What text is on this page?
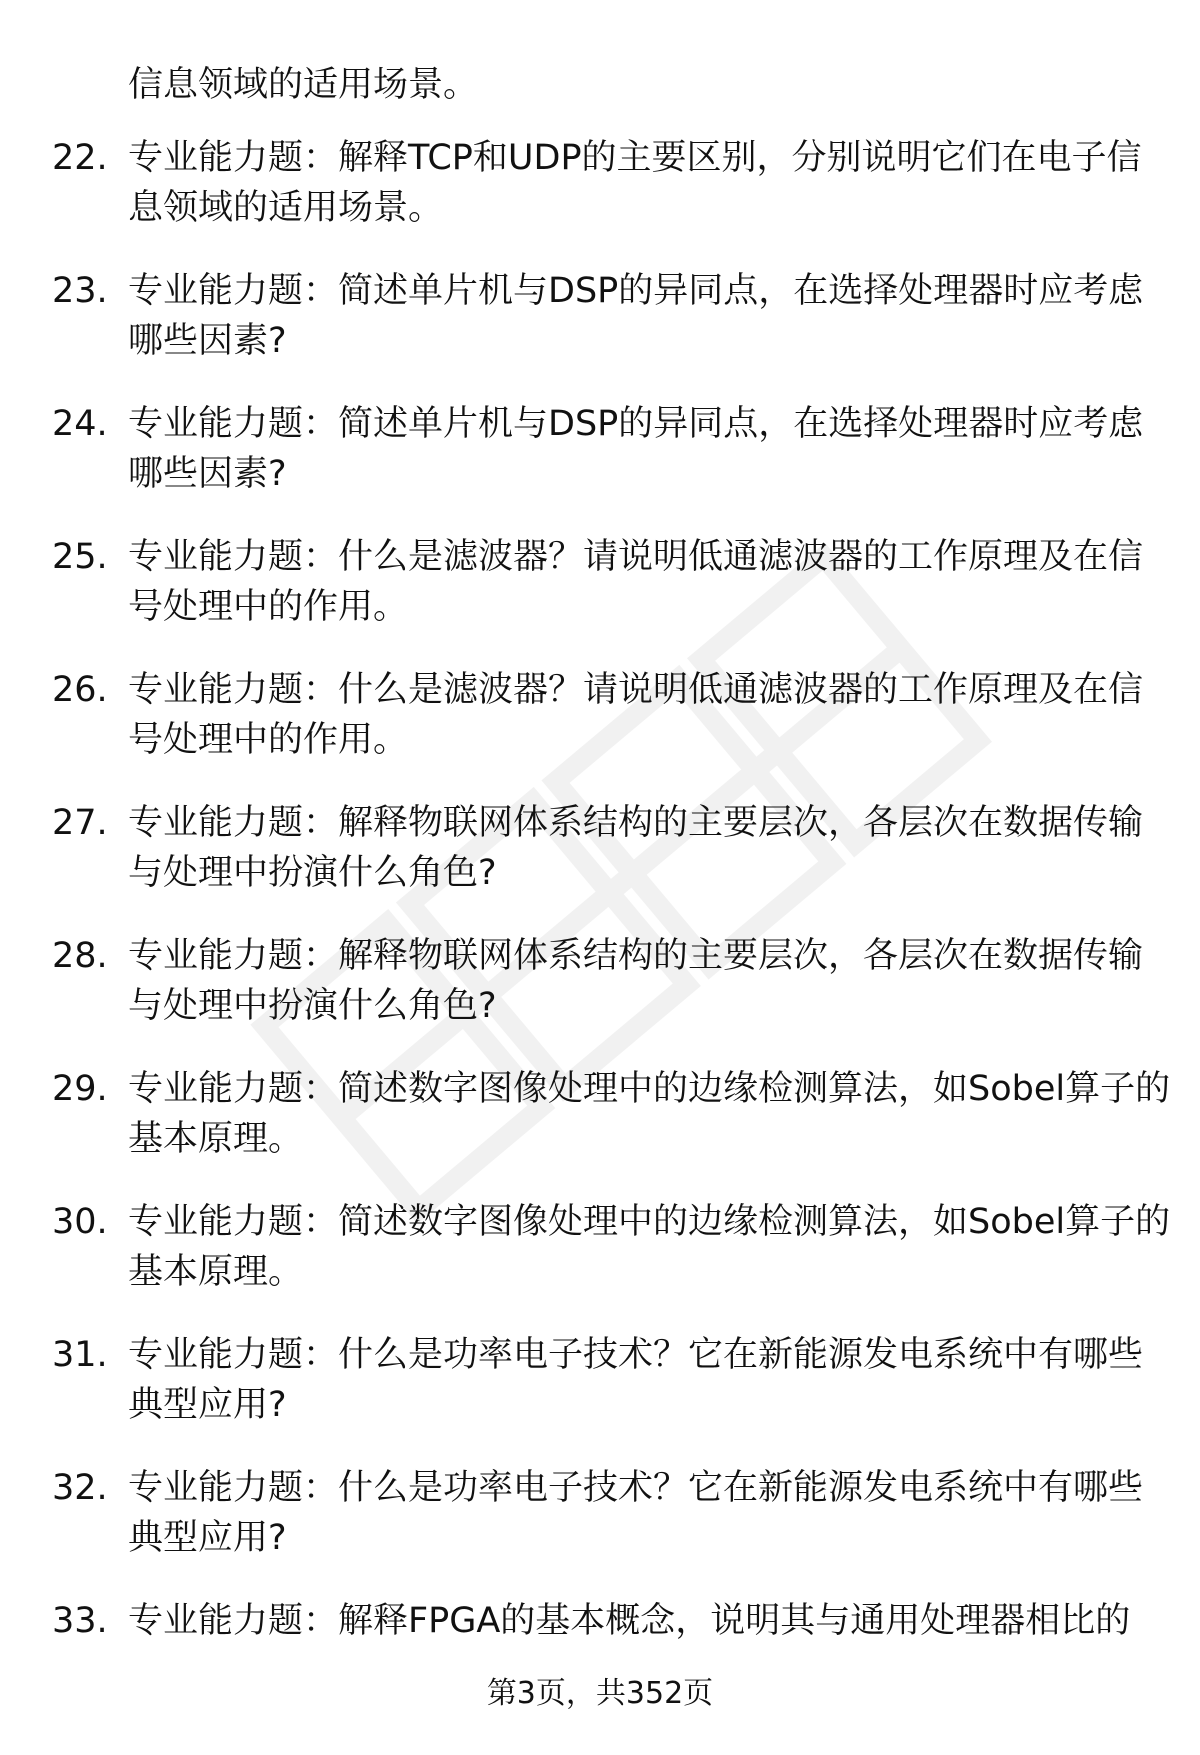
信息领域的适用场景。

22. 专业能力题：解释TCP和UDP的主要区别，分别说明它们在电子信息领域的适用场景。
23. 专业能力题：简述单片机与DSP的异同点，在选择处理器时应考虑哪些因素?
24. 专业能力题：简述单片机与DSP的异同点，在选择处理器时应考虑哪些因素?
25. 专业能力题：什么是滤波器？请说明低通滤波器的工作原理及在信号处理中的作用。
26. 专业能力题：什么是滤波器？请说明低通滤波器的工作原理及在信号处理中的作用。
27. 专业能力题：解释物联网体系结构的主要层次，各层次在数据传输与处理中扮演什么角色?
28. 专业能力题：解释物联网体系结构的主要层次，各层次在数据传输与处理中扮演什么角色?
29. 专业能力题：简述数字图像处理中的边缘检测算法，如Sobel算子的基本原理。
30. 专业能力题：简述数字图像处理中的边缘检测算法，如Sobel算子的基本原理。
31. 专业能力题：什么是功率电子技术？它在新能源发电系统中有哪些典型应用?
32. 专业能力题：什么是功率电子技术？它在新能源发电系统中有哪些典型应用?
33. 专业能力题：解释FPGA的基本概念，说明其与通用处理器相比的
第3页，共352页
